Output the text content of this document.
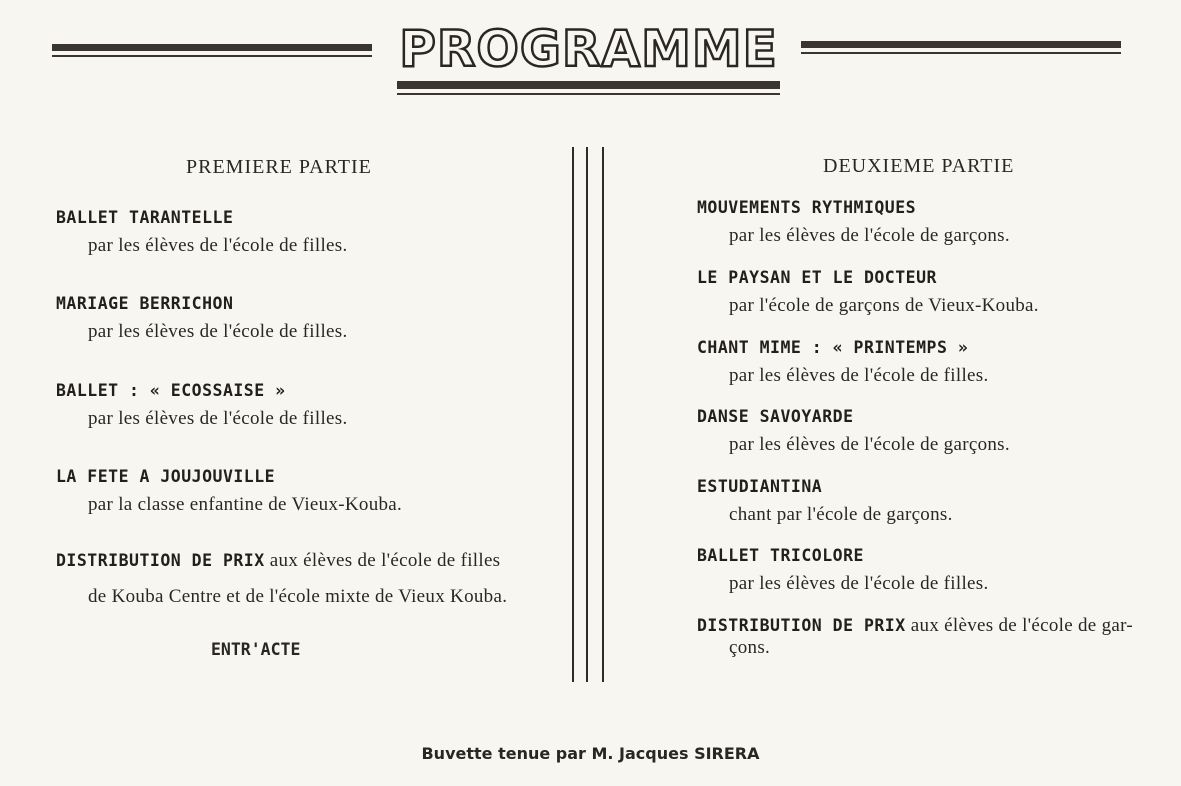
PROGRAMME
PREMIERE PARTIE
BALLET TARANTELLE
par les élèves de l'école de filles.
MARIAGE BERRICHON
par les élèves de l'école de filles.
BALLET : « ECOSSAISE »
par les élèves de l'école de filles.
LA FETE A JOUJOUVILLE
par la classe enfantine de Vieux-Kouba.
DISTRIBUTION DE PRIX aux élèves de l'école de filles
de Kouba Centre et de l'école mixte de Vieux Kouba.
ENTR'ACTE
DEUXIEME PARTIE
MOUVEMENTS RYTHMIQUES
par les élèves de l'école de garçons.
LE PAYSAN ET LE DOCTEUR
par l'école de garçons de Vieux-Kouba.
CHANT MIME : « PRINTEMPS »
par les élèves de l'école de filles.
DANSE SAVOYARDE
par les élèves de l'école de garçons.
ESTUDIANTINA
chant par l'école de garçons.
BALLET TRICOLORE
par les élèves de l'école de filles.
DISTRIBUTION DE PRIX aux élèves de l'école de gar-
çons.
Buvette tenue par M. Jacques SIRERA
